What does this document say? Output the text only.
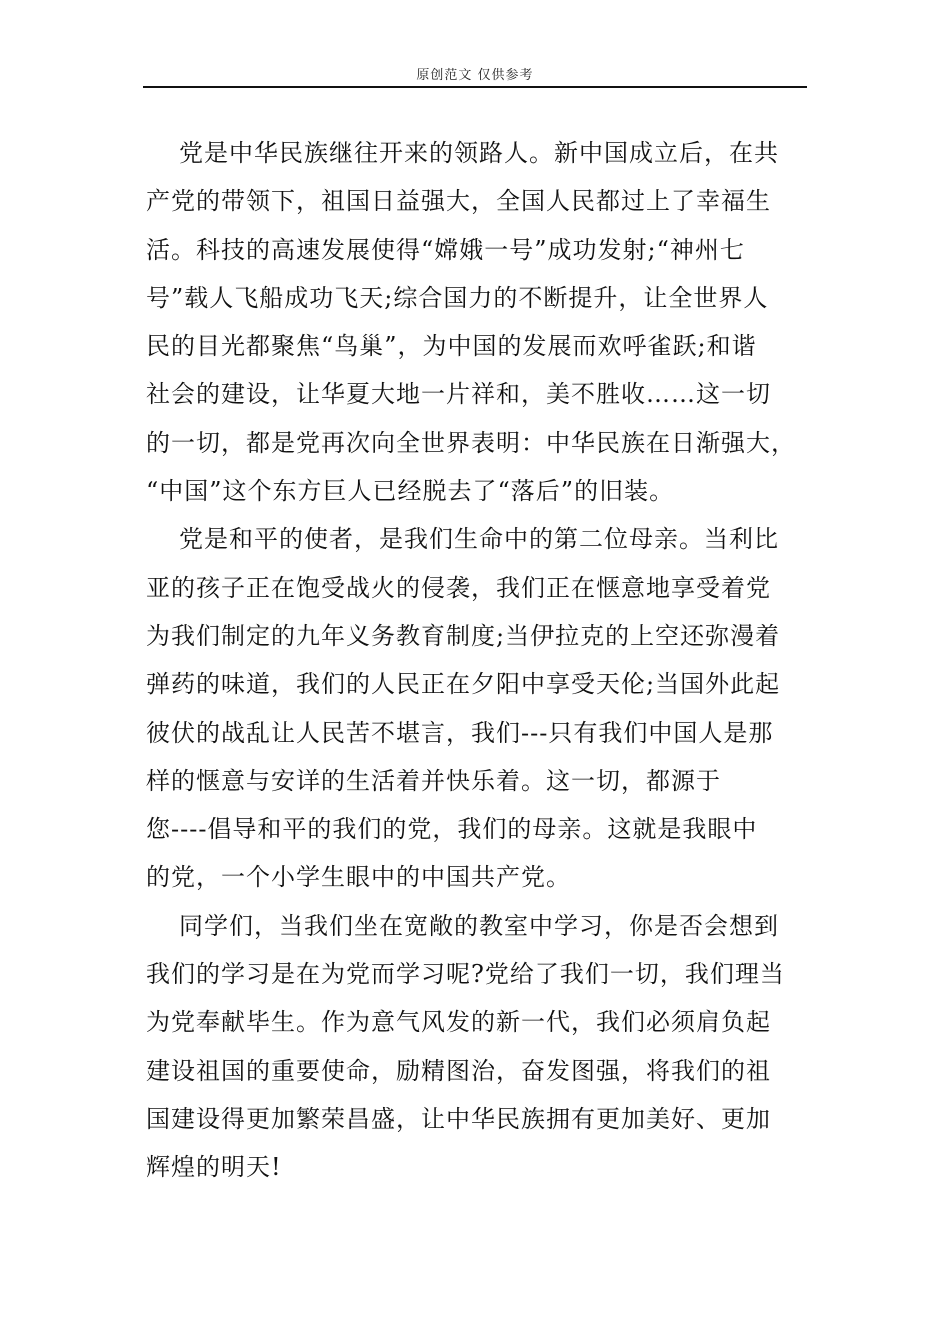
原创范文 仅供参考

党是中华民族继往开来的领路人。新中国成立后，在共
产党的带领下，祖国日益强大，全国人民都过上了幸福生
活。科技的高速发展使得“嫦娥一号”成功发射;“神州七
号”载人飞船成功飞天;综合国力的不断提升，让全世界人
民的目光都聚焦“鸟巢”，为中国的发展而欢呼雀跃;和谐
社会的建设，让华夏大地一片祥和，美不胜收……这一切
的一切，都是党再次向全世界表明：中华民族在日渐强大，
“中国”这个东方巨人已经脱去了“落后”的旧装。

党是和平的使者，是我们生命中的第二位母亲。当利比
亚的孩子正在饱受战火的侵袭，我们正在惬意地享受着党
为我们制定的九年义务教育制度;当伊拉克的上空还弥漫着
弹药的味道，我们的人民正在夕阳中享受天伦;当国外此起
彼伏的战乱让人民苦不堪言，我们---只有我们中国人是那
样的惬意与安详的生活着并快乐着。这一切，都源于
您----倡导和平的我们的党，我们的母亲。这就是我眼中
的党，一个小学生眼中的中国共产党。

同学们，当我们坐在宽敞的教室中学习，你是否会想到
我们的学习是在为党而学习呢?党给了我们一切，我们理当
为党奉献毕生。作为意气风发的新一代，我们必须肩负起
建设祖国的重要使命，励精图治，奋发图强，将我们的祖
国建设得更加繁荣昌盛，让中华民族拥有更加美好、更加
辉煌的明天!
